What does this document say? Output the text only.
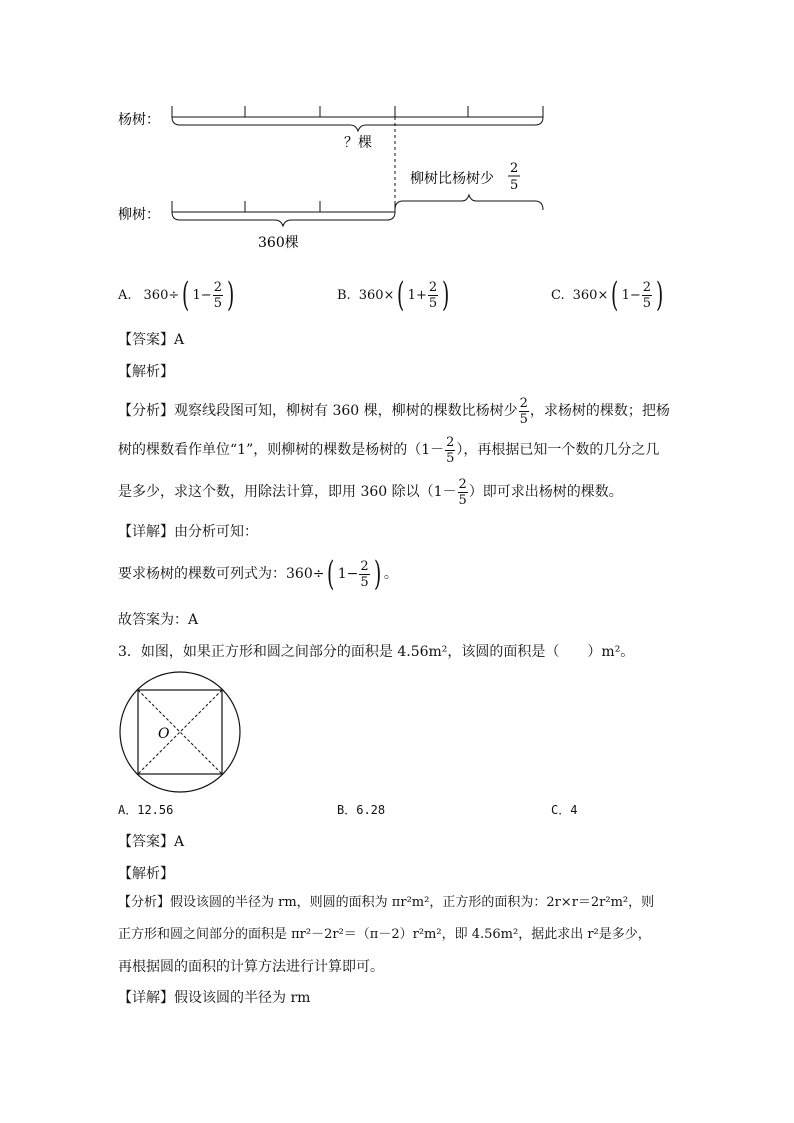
杨树：
？棵
柳树比杨树少
2
5
柳树：
360棵
A. 360÷ ( $1- \frac{2}{5}$ )	B. 360× ( $1+ \frac{2}{5}$ )	C. 360× ( $1- \frac{2}{5}$ )
【答案】A
【解析】
【分析】观察线段图可知，柳树有 360 棵，柳树的棵数比杨树少 $\frac{2}{5}$ ，求杨树的棵数；把杨
树的棵数看作单位“1”，则柳树的棵数是杨树的（$1- \frac{2}{5}$ ），再根据已知一个数的几分之几
是多少，求这个数，用除法计算，即用 360 除以（$1- \frac{2}{5}$ ）即可求出杨树的棵数。
【详解】由分析可知：
要求杨树的棵数可列式为：360÷ ( $1- \frac{2}{5}$ ) 。
故答案为：A
3．如图，如果正方形和圆之间部分的面积是 4.56m²，该圆的面积是（　　）m²。
O
A．12.56	B．6.28	C．4
【答案】A
【解析】
【分析】假设该圆的半径为 rm，则圆的面积为 πr²m²，正方形的面积为：2r×r＝2r²m²，则
正方形和圆之间部分的面积是 πr²－2r²＝（π－2）r²m²，即 4.56m²，据此求出 r²是多少，
再根据圆的面积的计算方法进行计算即可。
【详解】假设该圆的半径为 rm
